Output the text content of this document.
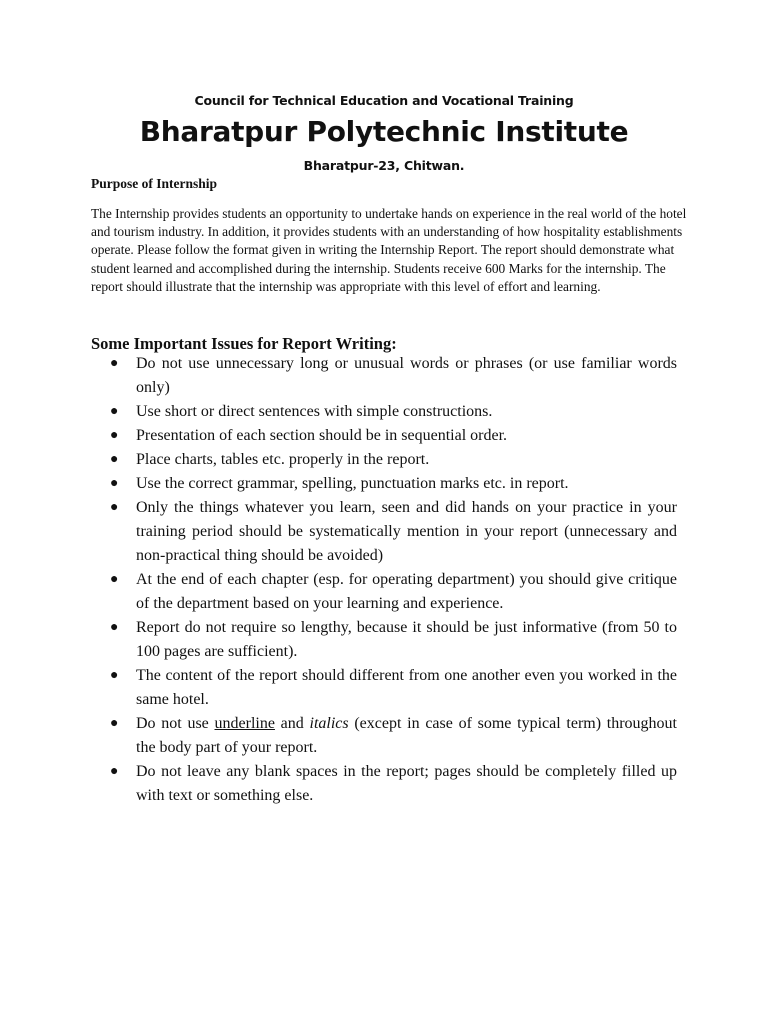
Council for Technical Education and Vocational Training
Bharatpur Polytechnic Institute
Bharatpur-23, Chitwan.
Purpose of Internship
The Internship provides students an opportunity to undertake hands on experience in the real world of the hotel and tourism industry. In addition, it provides students with an understanding of how hospitality establishments operate. Please follow the format given in writing the Internship Report. The report should demonstrate what student learned and accomplished during the internship. Students receive 600 Marks for the internship. The report should illustrate that the internship was appropriate with this level of effort and learning.
Some Important Issues for Report Writing:
● Do not use unnecessary long or unusual words or phrases (or use familiar words only)
● Use short or direct sentences with simple constructions.
● Presentation of each section should be in sequential order.
● Place charts, tables etc. properly in the report.
● Use the correct grammar, spelling, punctuation marks etc. in report.
● Only the things whatever you learn, seen and did hands on your practice in your training period should be systematically mention in your report (unnecessary and non-practical thing should be avoided)
● At the end of each chapter (esp. for operating department) you should give critique of the department based on your learning and experience.
● Report do not require so lengthy, because it should be just informative (from 50 to 100 pages are sufficient).
● The content of the report should different from one another even you worked in the same hotel.
● Do not use underline and italics (except in case of some typical term) throughout the body part of your report.
● Do not leave any blank spaces in the report; pages should be completely filled up with text or something else.
